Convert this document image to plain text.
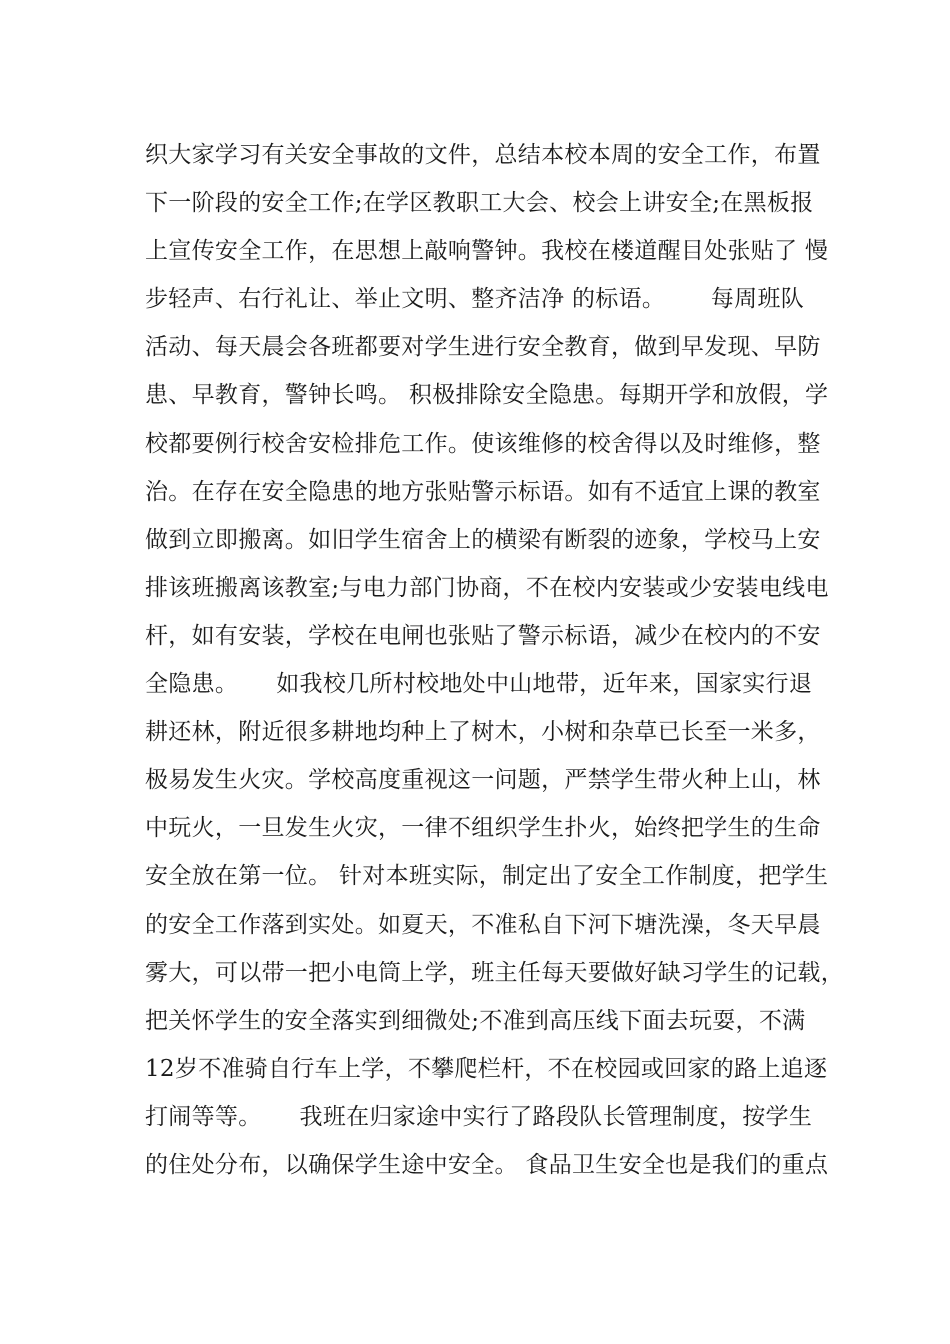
织大家学习有关安全事故的文件，总结本校本周的安全工作，布置
下一阶段的安全工作;在学区教职工大会、校会上讲安全;在黑板报
上宣传安全工作，在思想上敲响警钟。我校在楼道醒目处张贴了 慢
步轻声、右行礼让、举止文明、整齐洁净 的标语。      每周班队
活动、每天晨会各班都要对学生进行安全教育，做到早发现、早防
患、早教育，警钟长鸣。 积极排除安全隐患。每期开学和放假，学
校都要例行校舍安检排危工作。使该维修的校舍得以及时维修，整
治。在存在安全隐患的地方张贴警示标语。如有不适宜上课的教室
做到立即搬离。如旧学生宿舍上的横梁有断裂的迹象，学校马上安
排该班搬离该教室;与电力部门协商，不在校内安装或少安装电线电
杆，如有安装，学校在电闸也张贴了警示标语，减少在校内的不安
全隐患。     如我校几所村校地处中山地带，近年来，国家实行退
耕还林，附近很多耕地均种上了树木，小树和杂草已长至一米多，
极易发生火灾。学校高度重视这一问题，严禁学生带火种上山，林
中玩火，一旦发生火灾，一律不组织学生扑火，始终把学生的生命
安全放在第一位。 针对本班实际，制定出了安全工作制度，把学生
的安全工作落到实处。如夏天，不准私自下河下塘洗澡，冬天早晨
雾大，可以带一把小电筒上学，班主任每天要做好缺习学生的记载，
把关怀学生的安全落实到细微处;不准到高压线下面去玩耍，不满
12岁不准骑自行车上学，不攀爬栏杆，不在校园或回家的路上追逐
打闹等等。     我班在归家途中实行了路段队长管理制度，按学生
的住处分布，以确保学生途中安全。 食品卫生安全也是我们的重点
